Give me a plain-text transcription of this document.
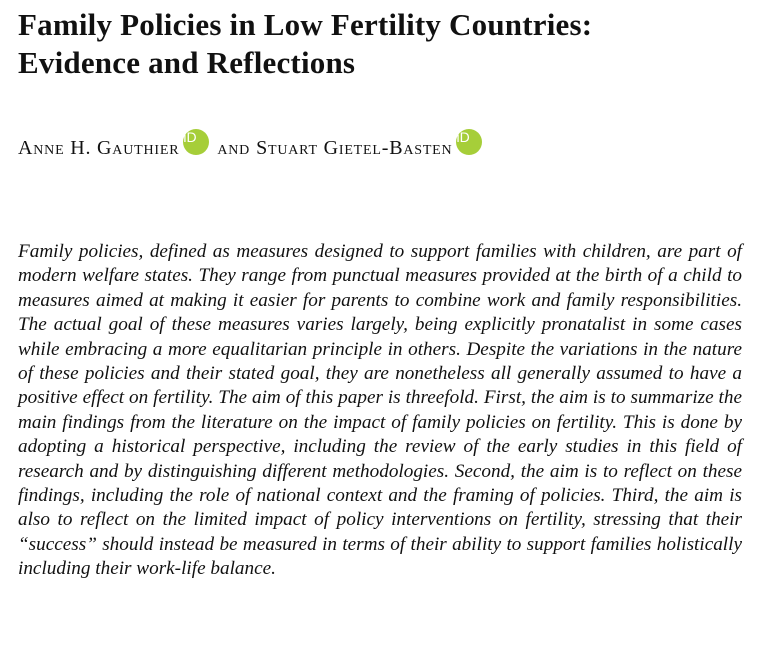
Family Policies in Low Fertility Countries:
Evidence and Reflections
Anne H. Gauthier
iD
and Stuart Gietel-Basten
iD

Family policies, defined as measures designed to support families with children, are part of modern welfare states. They range from punctual measures provided at the birth of a child to measures aimed at making it easier for parents to combine work and family responsibilities. The actual goal of these measures varies largely, being explicitly pronatalist in some cases while embracing a more equalitarian principle in others. Despite the variations in the nature of these policies and their stated goal, they are nonetheless all generally assumed to have a positive effect on fertility. The aim of this paper is threefold. First, the aim is to summarize the main findings from the literature on the impact of family policies on fertility. This is done by adopting a historical perspective, including the review of the early studies in this field of research and by distinguishing different methodologies. Second, the aim is to reflect on these findings, including the role of national context and the framing of policies. Third, the aim is also to reflect on the limited impact of policy interventions on fertility, stressing that their “success” should instead be measured in terms of their ability to support families holistically including their work-life balance.
